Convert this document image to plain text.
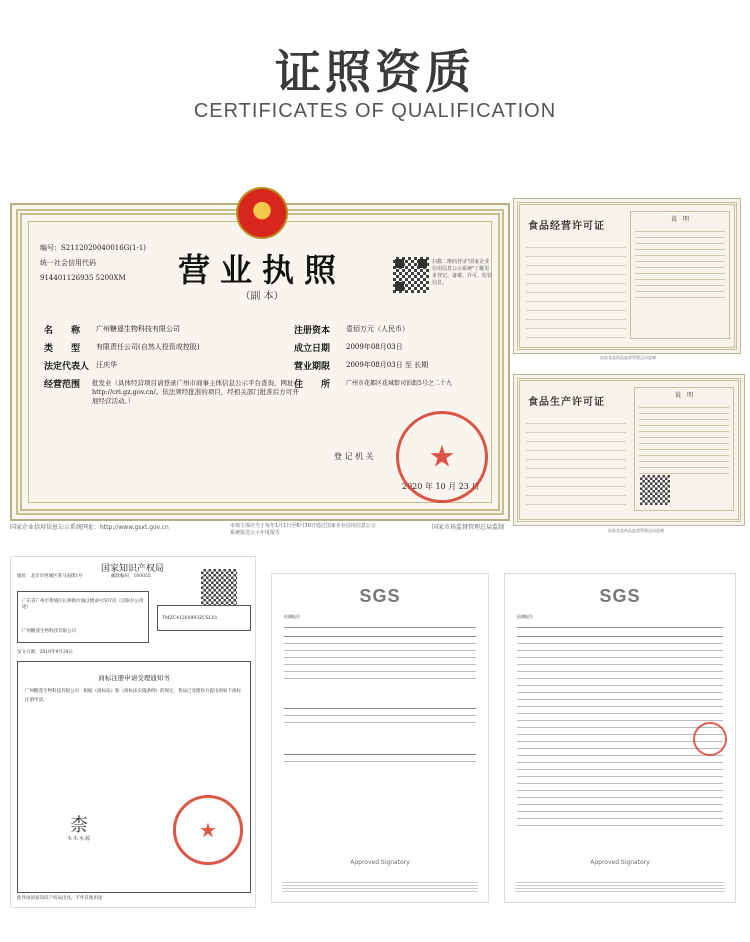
证照资质
CERTIFICATES OF QUALIFICATION
编号：S2112020040016G(1-1)
统一社会信用代码
914401126935 5200XM	营业执照
（副 本）
扫描二维码登录"国家企业信用信息公示系统"了解更多登记、备案、许可、监管信息。
名　　称 广州糖遥生物科技有限公司
类　　型 有限责任公司(自然人投资或控股)
法定代表人 汪庆华
经营范围 批发业（具体经营项目请登录广州市商事主体信息公示平台查询，网址：http://cri.gz.gov.cn/。依法须经批准的项目，经相关部门批准后方可开展经营活动。）
注册资本 壹佰万元（人民币）
成立日期 2009年08月03日
营业期限 2009年08月03日 至 长期
住　　所	广州市花都区花城街司铂街5号之二十九
登 记 机 关
2020 年 10 月 23 日
★
国家企业信用信息公示系统网址：http://www.gsxt.gov.cn	市场主体应当于每年1月1日至6月30日通过国家企业信用信息公示系统报送公示年度报告
国家市场监督管理总局监制
食品经营许可证
说　明
国家食品药品监督管理总局监制
食品生产许可证
说　明
国家食品药品监督管理总局监制
国家知识产权局
地址：北京市西城区茶马南街1号	邮政编码：100055
广东省广州市黄埔区长洲街沙涌(2楼)8号507房（仅限办公用途）
广州糖遥生物科技有限公司
TMZC41260993ZCSL01
发文日期：2019年9月24日
商标注册申请受理通知书
广州糖遥生物科技有限公司：根据《商标法》和《商标法实施条例》的规定，我局已受理你方提出的如下商标注册申请。
柰
木木水源	★
此件由国家知识产权局出具，不作其他用途
SGS
检测报告
Approved Signatory
SGS
检测报告
Approved Signatory
